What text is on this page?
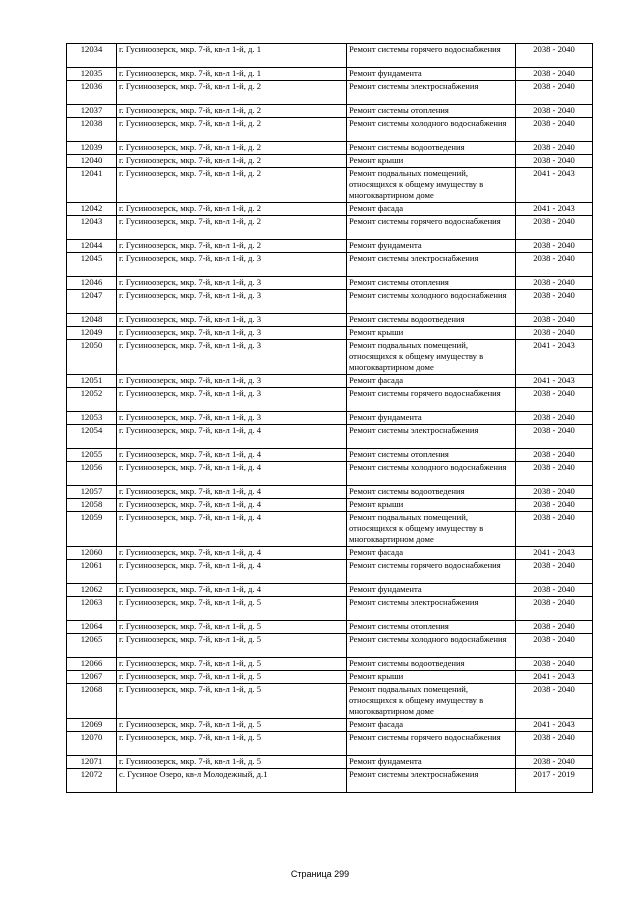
12034	г. Гусиноозерск, мкр. 7-й, кв-л 1-й, д. 1	Ремонт системы горячего водоснабжения	2038 - 2040
12035	г. Гусиноозерск, мкр. 7-й, кв-л 1-й, д. 1	Ремонт фундамента	2038 - 2040
12036	г. Гусиноозерск, мкр. 7-й, кв-л 1-й, д. 2	Ремонт системы электроснабжения	2038 - 2040
12037	г. Гусиноозерск, мкр. 7-й, кв-л 1-й, д. 2	Ремонт системы отопления	2038 - 2040
12038	г. Гусиноозерск, мкр. 7-й, кв-л 1-й, д. 2	Ремонт системы холодного водоснабжения	2038 - 2040
12039	г. Гусиноозерск, мкр. 7-й, кв-л 1-й, д. 2	Ремонт системы водоотведения	2038 - 2040
12040	г. Гусиноозерск, мкр. 7-й, кв-л 1-й, д. 2	Ремонт крыши	2038 - 2040
12041	г. Гусиноозерск, мкр. 7-й, кв-л 1-й, д. 2	Ремонт подвальных помещений, относящихся к общему имуществу в многоквартирном доме	2041 - 2043
12042	г. Гусиноозерск, мкр. 7-й, кв-л 1-й, д. 2	Ремонт фасада	2041 - 2043
12043	г. Гусиноозерск, мкр. 7-й, кв-л 1-й, д. 2	Ремонт системы горячего водоснабжения	2038 - 2040
12044	г. Гусиноозерск, мкр. 7-й, кв-л 1-й, д. 2	Ремонт фундамента	2038 - 2040
12045	г. Гусиноозерск, мкр. 7-й, кв-л 1-й, д. 3	Ремонт системы электроснабжения	2038 - 2040
12046	г. Гусиноозерск, мкр. 7-й, кв-л 1-й, д. 3	Ремонт системы отопления	2038 - 2040
12047	г. Гусиноозерск, мкр. 7-й, кв-л 1-й, д. 3	Ремонт системы холодного водоснабжения	2038 - 2040
12048	г. Гусиноозерск, мкр. 7-й, кв-л 1-й, д. 3	Ремонт системы водоотведения	2038 - 2040
12049	г. Гусиноозерск, мкр. 7-й, кв-л 1-й, д. 3	Ремонт крыши	2038 - 2040
12050	г. Гусиноозерск, мкр. 7-й, кв-л 1-й, д. 3	Ремонт подвальных помещений, относящихся к общему имуществу в многоквартирном доме	2041 - 2043
12051	г. Гусиноозерск, мкр. 7-й, кв-л 1-й, д. 3	Ремонт фасада	2041 - 2043
12052	г. Гусиноозерск, мкр. 7-й, кв-л 1-й, д. 3	Ремонт системы горячего водоснабжения	2038 - 2040
12053	г. Гусиноозерск, мкр. 7-й, кв-л 1-й, д. 3	Ремонт фундамента	2038 - 2040
12054	г. Гусиноозерск, мкр. 7-й, кв-л 1-й, д. 4	Ремонт системы электроснабжения	2038 - 2040
12055	г. Гусиноозерск, мкр. 7-й, кв-л 1-й, д. 4	Ремонт системы отопления	2038 - 2040
12056	г. Гусиноозерск, мкр. 7-й, кв-л 1-й, д. 4	Ремонт системы холодного водоснабжения	2038 - 2040
12057	г. Гусиноозерск, мкр. 7-й, кв-л 1-й, д. 4	Ремонт системы водоотведения	2038 - 2040
12058	г. Гусиноозерск, мкр. 7-й, кв-л 1-й, д. 4	Ремонт крыши	2038 - 2040
12059	г. Гусиноозерск, мкр. 7-й, кв-л 1-й, д. 4	Ремонт подвальных помещений, относящихся к общему имуществу в многоквартирном доме	2038 - 2040
12060	г. Гусиноозерск, мкр. 7-й, кв-л 1-й, д. 4	Ремонт фасада	2041 - 2043
12061	г. Гусиноозерск, мкр. 7-й, кв-л 1-й, д. 4	Ремонт системы горячего водоснабжения	2038 - 2040
12062	г. Гусиноозерск, мкр. 7-й, кв-л 1-й, д. 4	Ремонт фундамента	2038 - 2040
12063	г. Гусиноозерск, мкр. 7-й, кв-л 1-й, д. 5	Ремонт системы электроснабжения	2038 - 2040
12064	г. Гусиноозерск, мкр. 7-й, кв-л 1-й, д. 5	Ремонт системы отопления	2038 - 2040
12065	г. Гусиноозерск, мкр. 7-й, кв-л 1-й, д. 5	Ремонт системы холодного водоснабжения	2038 - 2040
12066	г. Гусиноозерск, мкр. 7-й, кв-л 1-й, д. 5	Ремонт системы водоотведения	2038 - 2040
12067	г. Гусиноозерск, мкр. 7-й, кв-л 1-й, д. 5	Ремонт крыши	2041 - 2043
12068	г. Гусиноозерск, мкр. 7-й, кв-л 1-й, д. 5	Ремонт подвальных помещений, относящихся к общему имуществу в многоквартирном доме	2038 - 2040
12069	г. Гусиноозерск, мкр. 7-й, кв-л 1-й, д. 5	Ремонт фасада	2041 - 2043
12070	г. Гусиноозерск, мкр. 7-й, кв-л 1-й, д. 5	Ремонт системы горячего водоснабжения	2038 - 2040
12071	г. Гусиноозерск, мкр. 7-й, кв-л 1-й, д. 5	Ремонт фундамента	2038 - 2040
12072	с. Гусиное Озеро, кв-л Молодежный, д.1	Ремонт системы электроснабжения	2017 - 2019
Страница 299
